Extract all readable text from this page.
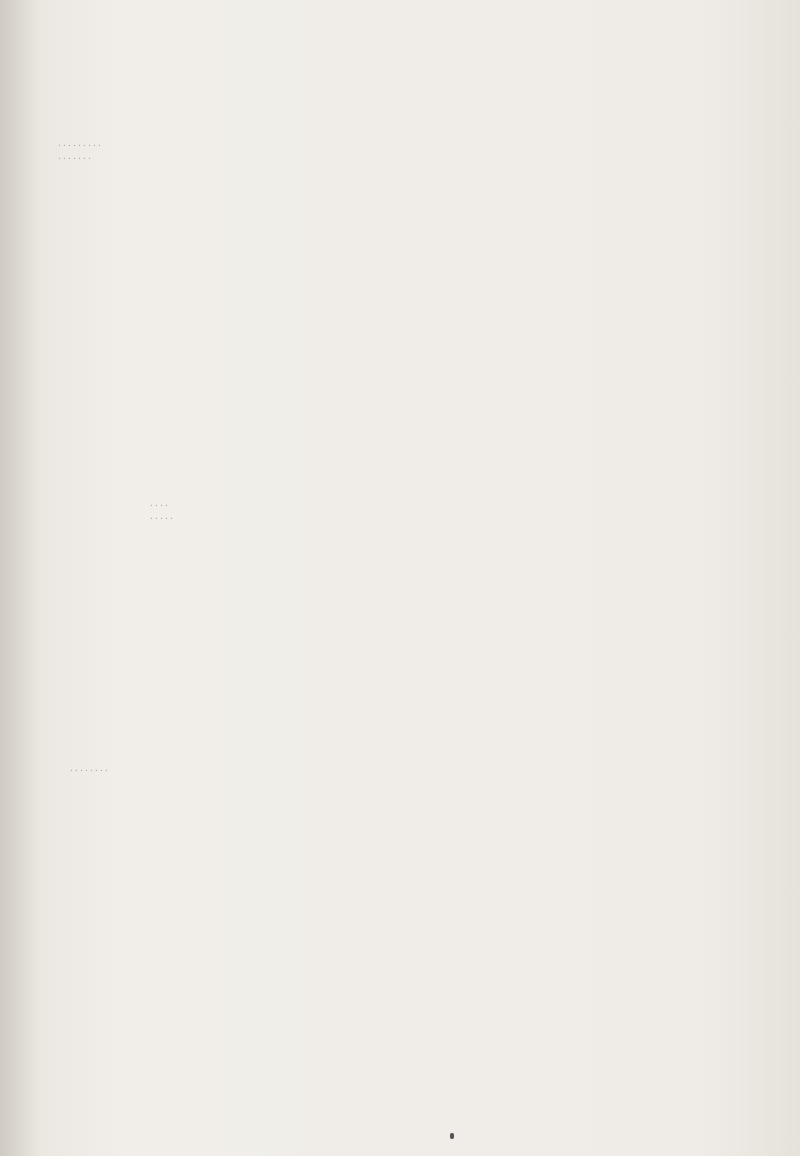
· · · · · · · · ·
· · · · · · ·
· · · ·
· · · · ·
· · · · · · · ·
